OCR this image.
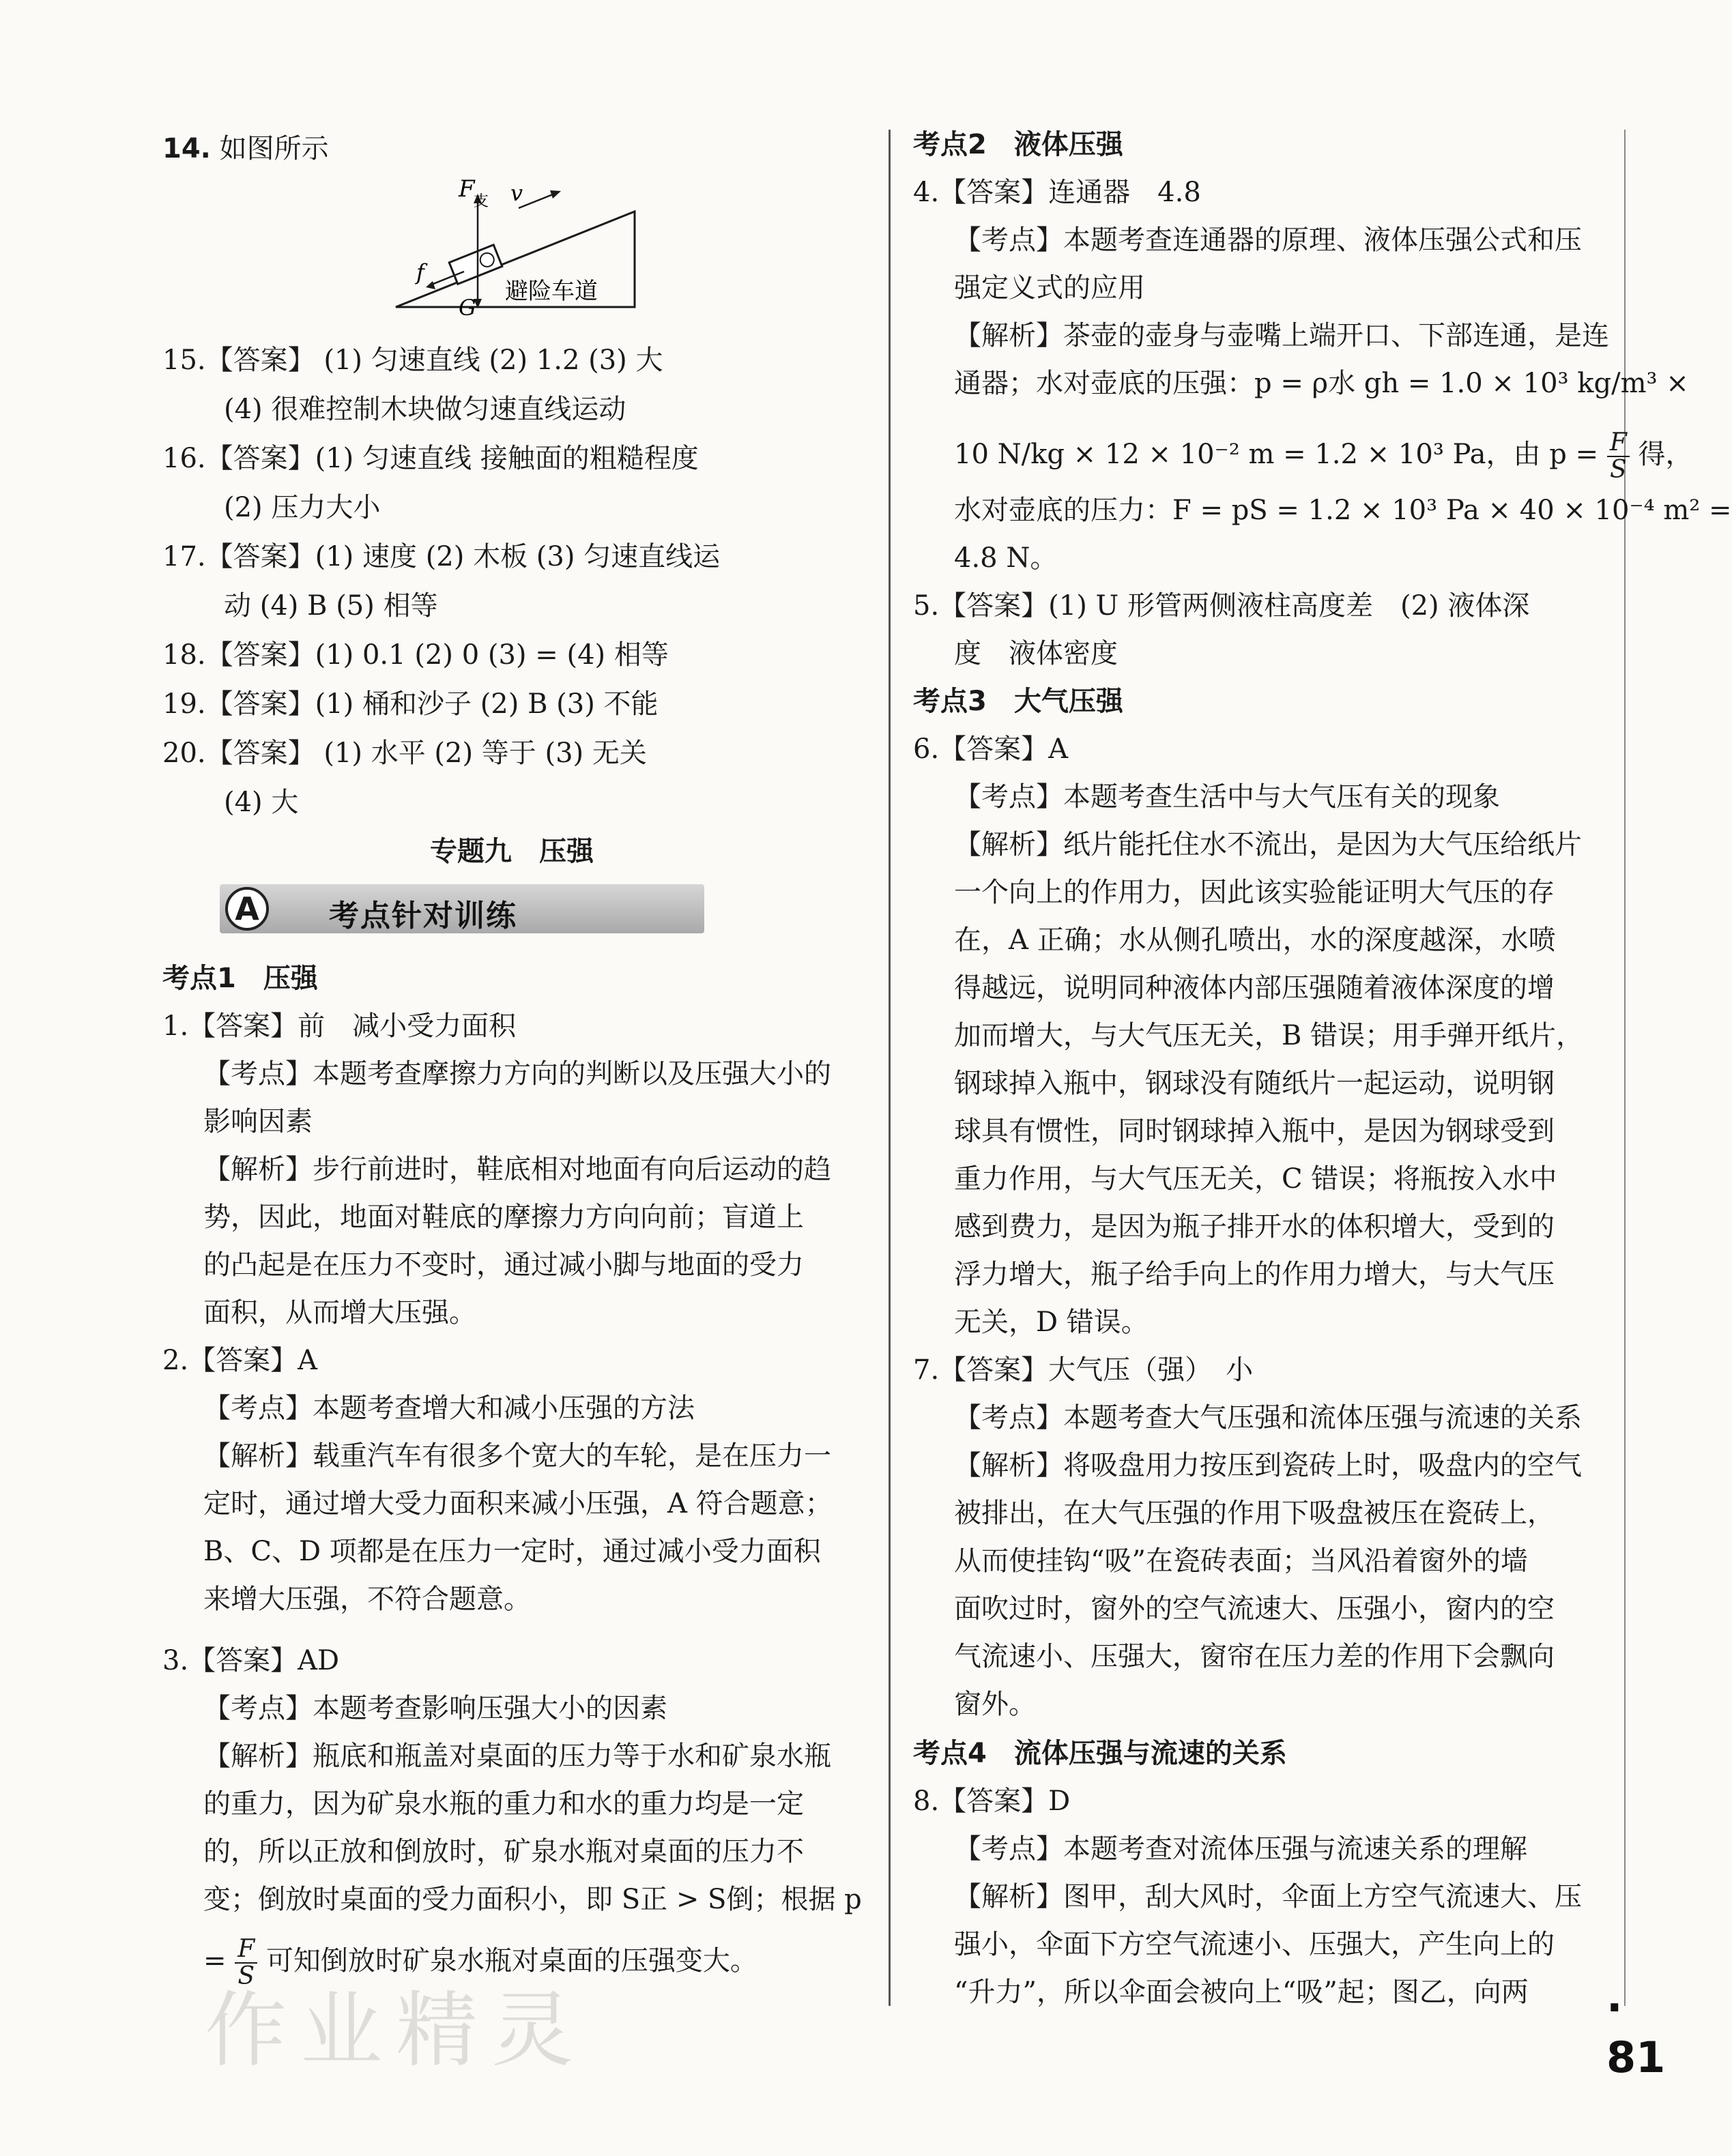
14. 如图所示
F
支 v
f
G
避险车道
15.【答案】 (1) 匀速直线 (2) 1.2 (3) 大
(4) 很难控制木块做匀速直线运动
16.【答案】(1) 匀速直线 接触面的粗糙程度
(2) 压力大小
17.【答案】(1) 速度 (2) 木板 (3) 匀速直线运
动 (4) B (5) 相等
18.【答案】(1) 0.1 (2) 0 (3) = (4) 相等
19.【答案】(1) 桶和沙子 (2) B (3) 不能
20.【答案】 (1) 水平 (2) 等于 (3) 无关
(4) 大
专题九　压强
A	考点针对训练
考点1　压强
1.【答案】前　减小受力面积
【考点】本题考查摩擦力方向的判断以及压强大小的
影响因素
【解析】步行前进时，鞋底相对地面有向后运动的趋
势，因此，地面对鞋底的摩擦力方向向前；盲道上
的凸起是在压力不变时，通过减小脚与地面的受力
面积，从而增大压强。
2.【答案】A
【考点】本题考查增大和减小压强的方法
【解析】载重汽车有很多个宽大的车轮，是在压力一
定时，通过增大受力面积来减小压强，A 符合题意；
B、C、D 项都是在压力一定时，通过减小受力面积
来增大压强，不符合题意。
3.【答案】AD
【考点】本题考查影响压强大小的因素
【解析】瓶底和瓶盖对桌面的压力等于水和矿泉水瓶
的重力，因为矿泉水瓶的重力和水的重力均是一定
的，所以正放和倒放时，矿泉水瓶对桌面的压力不
变；倒放时桌面的受力面积小，即 S正 > S倒；根据 p
= $\frac{F}{S}$ 可知倒放时矿泉水瓶对桌面的压强变大。
考点2　液体压强
4.【答案】连通器　4.8
【考点】本题考查连通器的原理、液体压强公式和压
强定义式的应用
【解析】茶壶的壶身与壶嘴上端开口、下部连通，是连
通器；水对壶底的压强：p = ρ水 gh = 1.0 × 10³ kg/m³ ×
10 N/kg × 12 × 10⁻² m = 1.2 × 10³ Pa，由 $p = \frac{F}{S}$ 得，
水对壶底的压力：F = pS = 1.2 × 10³ Pa × 40 × 10⁻⁴ m² =
4.8 N。
5.【答案】(1) U 形管两侧液柱高度差　(2) 液体深
度　液体密度
考点3　大气压强
6.【答案】A
【考点】本题考查生活中与大气压有关的现象
【解析】纸片能托住水不流出，是因为大气压给纸片
一个向上的作用力，因此该实验能证明大气压的存
在，A 正确；水从侧孔喷出，水的深度越深，水喷
得越远，说明同种液体内部压强随着液体深度的增
加而增大，与大气压无关，B 错误；用手弹开纸片，
钢球掉入瓶中，钢球没有随纸片一起运动，说明钢
球具有惯性，同时钢球掉入瓶中，是因为钢球受到
重力作用，与大气压无关，C 错误；将瓶按入水中
感到费力，是因为瓶子排开水的体积增大，受到的
浮力增大，瓶子给手向上的作用力增大，与大气压
无关，D 错误。
7.【答案】大气压（强）　小
【考点】本题考查大气压强和流体压强与流速的关系
【解析】将吸盘用力按压到瓷砖上时，吸盘内的空气
被排出，在大气压强的作用下吸盘被压在瓷砖上，
从而使挂钩“吸”在瓷砖表面；当风沿着窗外的墙
面吹过时，窗外的空气流速大、压强小，窗内的空
气流速小、压强大，窗帘在压力差的作用下会飘向
窗外。
考点4　流体压强与流速的关系
8.【答案】D
【考点】本题考查对流体压强与流速关系的理解
【解析】图甲，刮大风时，伞面上方空气流速大、压
强小，伞面下方空气流速小、压强大，产生向上的
“升力”，所以伞面会被向上“吸”起；图乙，向两 · 81
作业精灵
